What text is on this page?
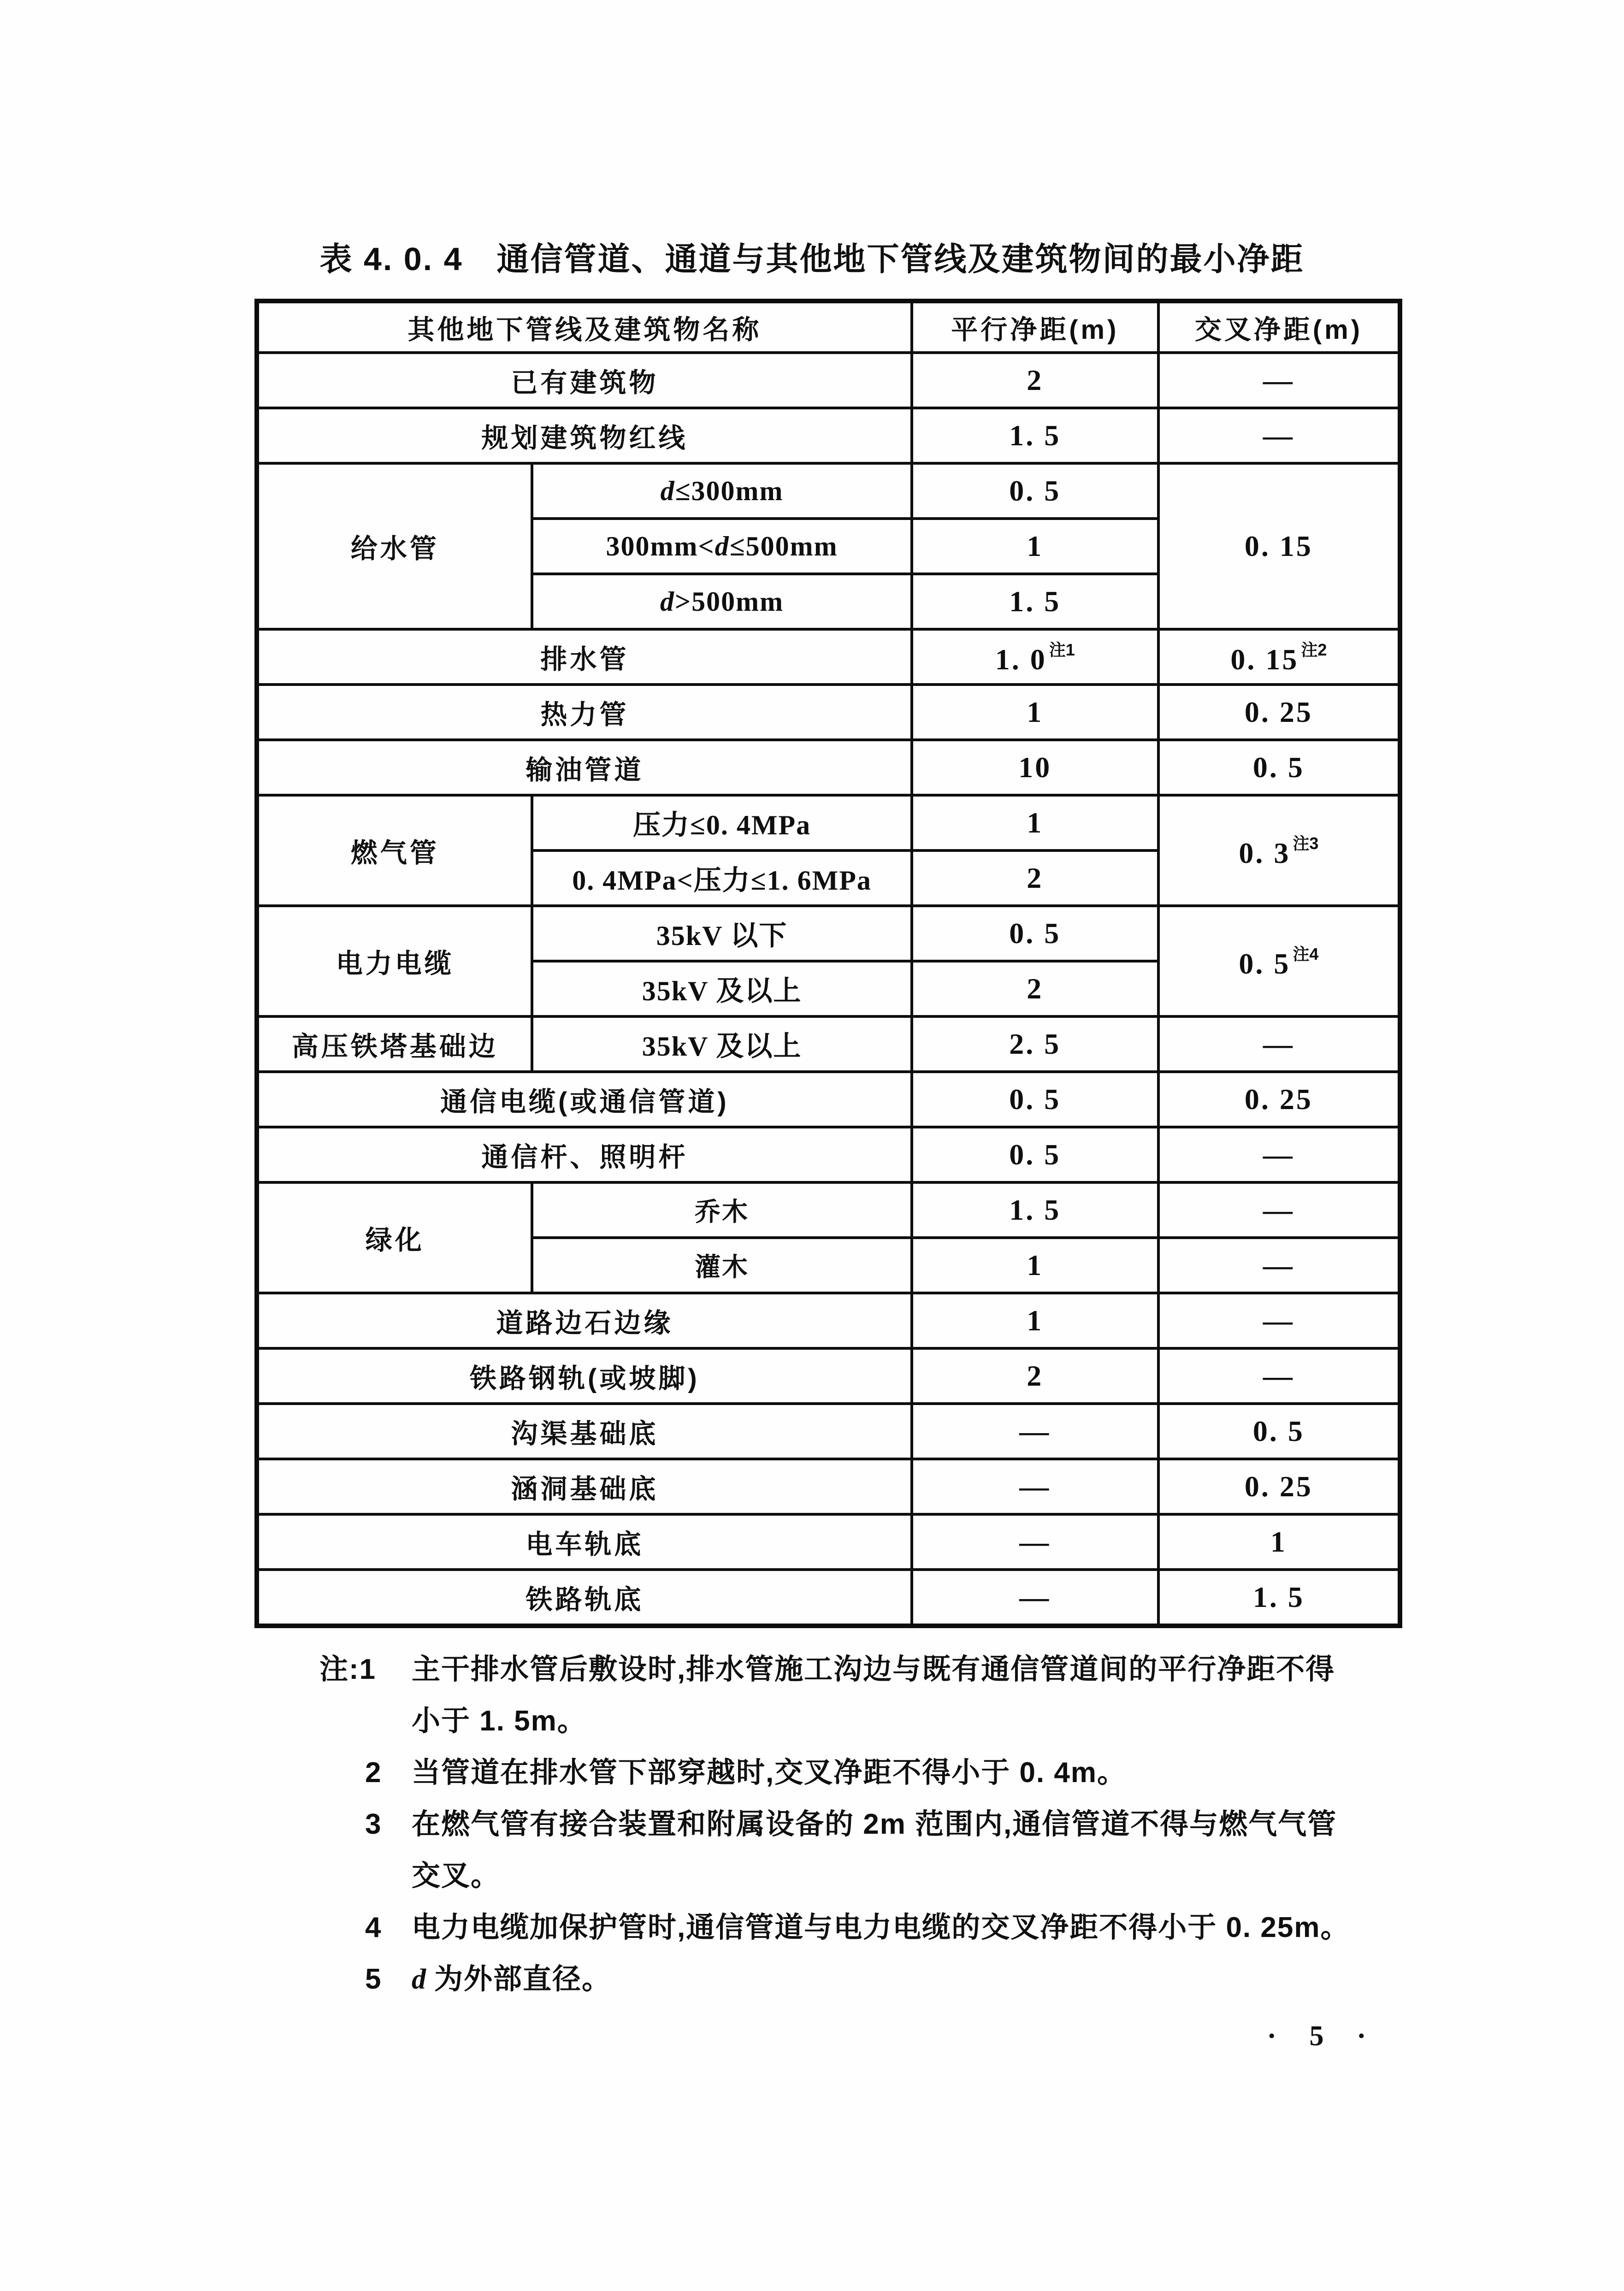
表 4. 0. 4　通信管道、通道与其他地下管线及建筑物间的最小净距
其他地下管线及建筑物名称		平行净距(m)	交叉净距(m)
已有建筑物		2	—
规划建筑物红线		1. 5	—
给水管	d≤300mm	0. 5	0. 15
	300mm<d≤500mm	1	
	d>500mm	1. 5	
排水管		1. 0 $^{注1}$	0. 15 $^{注2}$
热力管		1	0. 25
输油管道		10	0. 5
燃气管	压力≤0. 4MPa	1	0. 3 $^{注3}$
	0. 4MPa<压力≤1. 6MPa	2	
电力电缆	35kV 以下	0. 5	0. 5 $^{注4}$
	35kV 及以上	2	
高压铁塔基础边	35kV 及以上	2. 5	—
通信电缆(或通信管道)		0. 5	0. 25
通信杆、照明杆		0. 5	—
绿化	乔木	1. 5	—
	灌木	1	—
道路边石边缘		1	—
铁路钢轨(或坡脚)		2	—
沟渠基础底		—	0. 5
涵洞基础底		—	0. 25
电车轨底		—	1
铁路轨底		—	1. 5
注:1	主干排水管后敷设时,排水管施工沟边与既有通信管道间的平行净距不得
小于 1. 5m。
2	当管道在排水管下部穿越时,交叉净距不得小于 0. 4m。
3	在燃气管有接合装置和附属设备的 2m 范围内,通信管道不得与燃气气管
交叉。
4	电力电缆加保护管时,通信管道与电力电缆的交叉净距不得小于 0. 25m。
5	d 为外部直径。
· 5 ·
